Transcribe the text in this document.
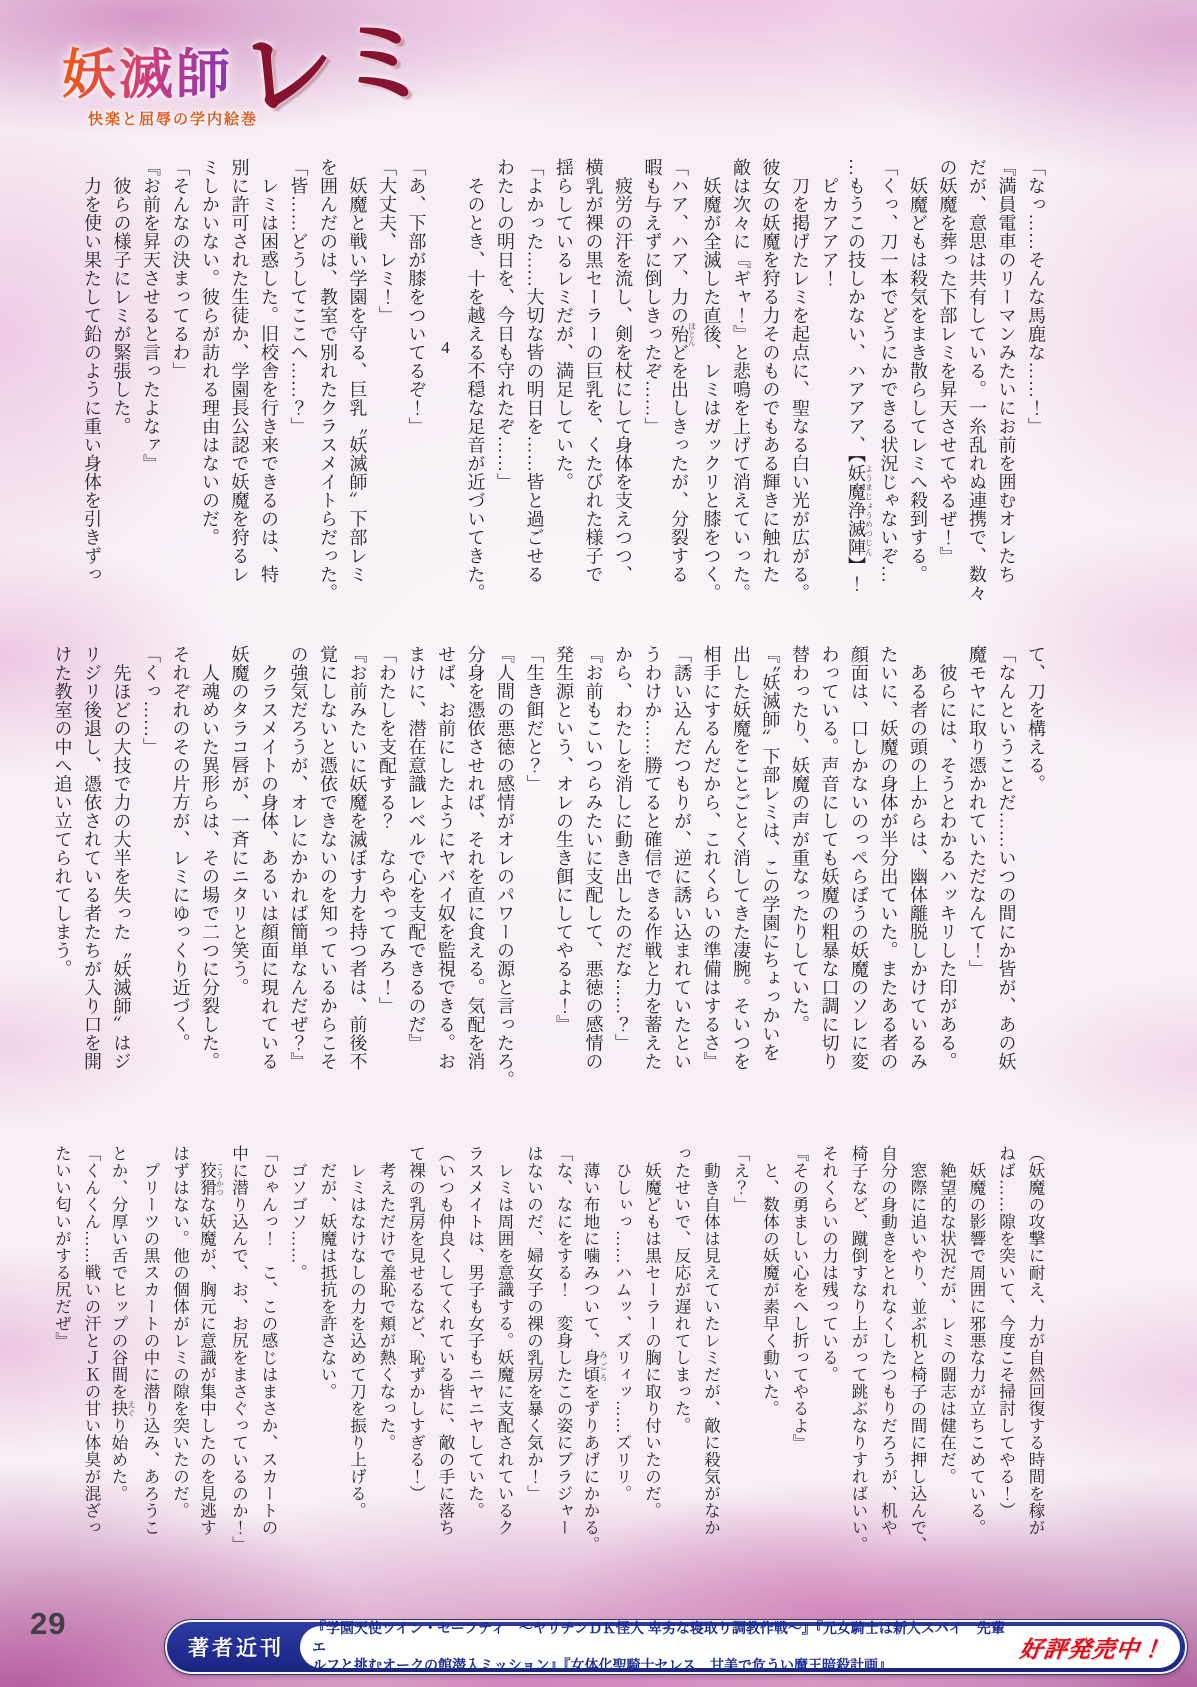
妖滅師 レミ
快楽と屈辱の学内絵巻
「なっ……そんな馬鹿な……！」
『満員電車のリーマンみたいにお前を囲むオレたち
だが、意思は共有している。一糸乱れぬ連携で、数々
の妖魔を葬った下部レミを昇天させてやるぜ！』
　妖魔どもは殺気をまき散らしてレミへ殺到する。
「くっ、刀一本でどうにかできる状況じゃないぞ…
…もうこの技しかない、ハアアア、【妖魔浄滅陣ようまじょうめつじん】！
　ピカアアア！
　刀を掲げたレミを起点に、聖なる白い光が広がる。
彼女の妖魔を狩る力そのものでもある輝きに触れた
敵は次々に『ギャ！』と悲鳴を上げて消えていった。
　妖魔が全滅した直後、レミはガックリと膝をつく。
「ハア、ハア、力の殆ほとんどを出しきったが、分裂する
暇も与えずに倒しきったぞ……」
　疲労の汗を流し、剣を杖にして身体を支えつつ、
横乳が裸の黒セーラーの巨乳を、くたびれた様子で
揺らしているレミだが、満足していた。
「よかった……大切な皆の明日を……皆と過ごせる
わたしの明日を、今日も守れたぞ……」
　そのとき、十を越える不穏な足音が近づいてきた。
4
「あ、下部が膝をついてるぞ！」
「大丈夫、レミ！」
　妖魔と戦い学園を守る、巨乳〝妖滅師〟下部レミ
を囲んだのは、教室で別れたクラスメイトらだった。
「皆……どうしてここへ……？」
　レミは困惑した。旧校舎を行き来できるのは、特
別に許可された生徒か、学園長公認で妖魔を狩るレ
ミしかいない。彼らが訪れる理由はないのだ。
「そんなの決まってるわ」
『お前を昇天させると言ったよなァ』
　彼らの様子にレミが緊張した。
　力を使い果たして鉛のように重い身体を引きずっ
て、刀を構える。
「なんということだ……いつの間にか皆が、あの妖
魔モヤに取り憑かれていただなんて！」
　彼らには、そうとわかるハッキリした印がある。
　ある者の頭の上からは、幽体離脱しかけているみ
たいに、妖魔の身体が半分出ていた。またある者の
顔面は、口しかないのっぺらぼうの妖魔のソレに変
わっている。声音にしても妖魔の粗暴な口調に切り
替わったり、妖魔の声が重なったりしていた。
『〝妖滅師〟下部レミは、この学園にちょっかいを
出した妖魔をことごとく消してきた凄腕。そいつを
相手にするんだから、これくらいの準備はするさ』
「誘い込んだつもりが、逆に誘い込まれていたとい
うわけか……勝てると確信できる作戦と力を蓄えた
から、わたしを消しに動き出したのだな……？」
『お前もこいつらみたいに支配して、悪徳の感情の
発生源という、オレの生き餌にしてやるよ！』
「生き餌だと？」
『人間の悪徳の感情がオレのパワーの源と言ったろ。
分身を憑依させれば、それを直に食える。気配を消
せば、お前にしたようにヤバイ奴を監視できる。お
まけに、潜在意識レベルで心を支配できるのだ』
「わたしを支配する？　ならやってみろ！」
『お前みたいに妖魔を滅ぼす力を持つ者は、前後不
覚にしないと憑依できないのを知っているからこそ
の強気だろうが、オレにかかれば簡単なんだぜ？』
　クラスメイトの身体、あるいは顔面に現れている
妖魔のタラコ唇が、一斉にニタリと笑う。
　人魂めいた異形らは、その場で二つに分裂した。
それぞれのその片方が、レミにゆっくり近づく。
「くっ……」
　先ほどの大技で力の大半を失った〝妖滅師〟はジ
リジリ後退し、憑依されている者たちが入り口を開
けた教室の中へ追い立てられてしまう。
（妖魔の攻撃に耐え、力が自然回復する時間を稼が
ねば……隙を突いて、今度こそ掃討してやる！）
　妖魔の影響で周囲に邪悪な力が立ちこめている。
　絶望的な状況だが、レミの闘志は健在だ。
　窓際に追いやり、並ぶ机と椅子の間に押し込んで、
自分の身動きをとれなくしたつもりだろうが、机や
椅子など、蹴倒すなり上がって跳ぶなりすればいい。
それくらいの力は残っている。
『その勇ましい心をへし折ってやるよ』
　と、数体の妖魔が素早く動いた。
「え？」
　動き自体は見えていたレミだが、敵に殺気がなか
ったせいで、反応が遅れてしまった。
　妖魔どもは黒セーラーの胸に取り付いたのだ。
　ひしぃっ……ハムッ、ズリィッ……ズリリ。
　薄い布地に噛みついて、身頃 みごろをずりあげにかかる。
「な、なにをする！　変身したこの姿にブラジャー
はないのだ、婦女子の裸の乳房を暴く気か！」
　レミは周囲を意識する。妖魔に支配されているク
ラスメイトは、男子も女子もニヤニヤしていた。
（いつも仲良くしてくれている皆に、敵の手に落ち
て裸の乳房を見せるなど、恥ずかしすぎる！）
　考えただけで羞恥で頬が熱くなった。
　レミはなけなしの力を込めて刀を振り上げる。
　だが、妖魔は抵抗を許さない。
　ゴソゴソ……。
「ひゃんっ！　こ、この感じはまさか、スカートの
中に潜り込んで、お、お尻をまさぐっているのか！」
　狡猾 こうかつな妖魔が、胸元に意識が集中したのを見逃す
はずはない。他の個体がレミの隙を突いたのだ。
　プリーツの黒スカートの中に潜り込み、あろうこ
とか、分厚い舌でヒップの谷間を抉 えぐり始めた。
「くんくん……戦いの汗とＪＫの甘い体臭が混ざっ
たいい匂いがする尻だぜ』
29
著者近刊
『学園天使ツイン・セーフティ　～ヤリチンＤＫ怪人 卑劣な寝取り調教作戦～』『元女騎士は新人スパイ　先輩エ
ルフと挑むオークの館潜入ミッション』『女体化聖騎士セレス　甘美で危うい魔王暗殺計画』
好評発売中！
